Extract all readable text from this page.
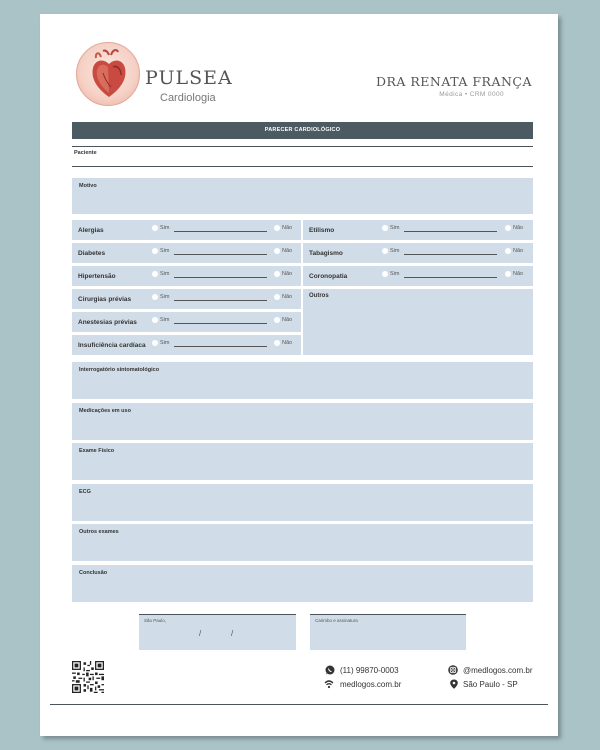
PULSEA
Cardiologia
DRA RENATA FRANÇA
Médica • CRM 0000
PARECER CARDIOLÓGICO
Paciente
Motivo
Alergias	Sim	Não
Diabetes	Sim	Não
Hipertensão	Sim	Não
Cirurgias prévias	Sim	Não
Anestesias prévias	Sim	Não
Insuficiência cardíaca	Sim	Não
Etilismo	Sim	Não
Tabagismo	Sim	Não
Coronopatia	Sim	Não
Outros
Interrogatório sintomatológico
Medicações em uso
Exame Físico
ECG
Outros exames
Conclusão
São Paulo,
/	/
Carimbo e assinatura
(11) 99870-0003
medlogos.com.br
@medlogos.com.br
São Paulo - SP
